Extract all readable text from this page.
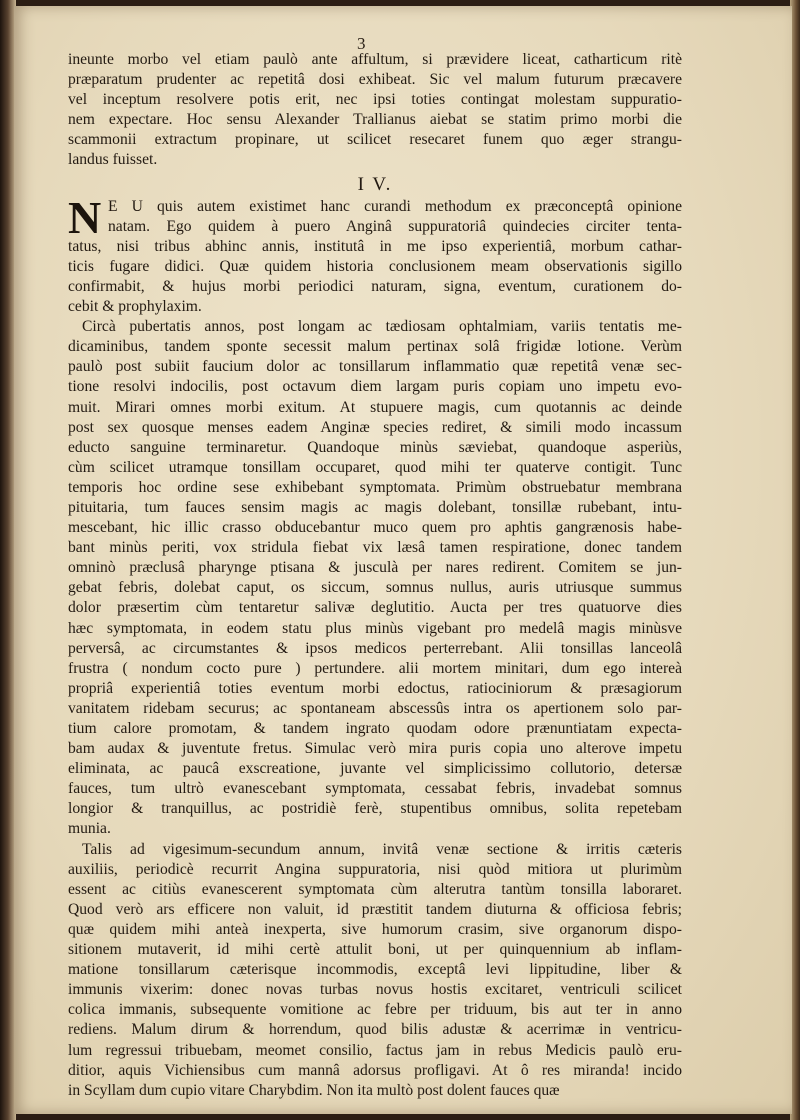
3
ineunte morbo vel etiam paulò ante affultum, si prævidere liceat, catharticum ritè
præparatum prudenter ac repetitâ dosi exhibeat. Sic vel malum futurum præcavere
vel inceptum resolvere potis erit, nec ipsi toties contingat molestam suppuratio-
nem expectare. Hoc sensu Alexander Trallianus aiebat se statim primo morbi die
scammonii extractum propinare, ut scilicet resecaret funem quo æger strangu-
landus fuisset.
I V.
N E U quis autem existimet hanc curandi methodum ex præconceptâ opinione
natam. Ego quidem à puero Anginâ suppuratoriâ quindecies circiter tenta-
tatus, nisi tribus abhinc annis, institutâ in me ipso experientiâ, morbum cathar-
ticis fugare didici. Quæ quidem historia conclusionem meam observationis sigillo
confirmabit, & hujus morbi periodici naturam, signa, eventum, curationem do-
cebit & prophylaxim.
Circà pubertatis annos, post longam ac tædiosam ophtalmiam, variis tentatis me-
dicaminibus, tandem sponte secessit malum pertinax solâ frigidæ lotione. Verùm
paulò post subiit faucium dolor ac tonsillarum inflammatio quæ repetitâ venæ sec-
tione resolvi indocilis, post octavum diem largam puris copiam uno impetu evo-
muit. Mirari omnes morbi exitum. At stupuere magis, cum quotannis ac deinde
post sex quosque menses eadem Anginæ species rediret, & simili modo incassum
educto sanguine terminaretur. Quandoque minùs sæviebat, quandoque asperiùs,
cùm scilicet utramque tonsillam occuparet, quod mihi ter quaterve contigit. Tunc
temporis hoc ordine sese exhibebant symptomata. Primùm obstruebatur membrana
pituitaria, tum fauces sensim magis ac magis dolebant, tonsillæ rubebant, intu-
mescebant, hic illic crasso obducebantur muco quem pro aphtis gangrænosis habe-
bant minùs periti, vox stridula fiebat vix læsâ tamen respiratione, donec tandem
omninò præclusâ pharynge ptisana & jusculà per nares redirent. Comitem se jun-
gebat febris, dolebat caput, os siccum, somnus nullus, auris utriusque summus
dolor præsertim cùm tentaretur salivæ deglutitio. Aucta per tres quatuorve dies
hæc symptomata, in eodem statu plus minùs vigebant pro medelâ magis minùsve
perversâ, ac circumstantes & ipsos medicos perterrebant. Alii tonsillas lanceolâ
frustra ( nondum cocto pure ) pertundere. alii mortem minitari, dum ego intereà
propriâ experientiâ toties eventum morbi edoctus, ratiociniorum & præsagiorum
vanitatem ridebam securus; ac spontaneam abscessûs intra os apertionem solo par-
tium calore promotam, & tandem ingrato quodam odore prænuntiatam expecta-
bam audax & juventute fretus. Simulac verò mira puris copia uno alterove impetu
eliminata, ac paucâ exscreatione, juvante vel simplicissimo collutorio, detersæ
fauces, tum ultrò evanescebant symptomata, cessabat febris, invadebat somnus
longior & tranquillus, ac postridiè ferè, stupentibus omnibus, solita repetebam
munia.
Talis ad vigesimum-secundum annum, invitâ venæ sectione & irritis cæteris
auxiliis, periodicè recurrit Angina suppuratoria, nisi quòd mitiora ut plurimùm
essent ac citiùs evanescerent symptomata cùm alterutra tantùm tonsilla laboraret.
Quod verò ars efficere non valuit, id præstitit tandem diuturna & officiosa febris;
quæ quidem mihi anteà inexperta, sive humorum crasim, sive organorum dispo-
sitionem mutaverit, id mihi certè attulit boni, ut per quinquennium ab inflam-
matione tonsillarum cæterisque incommodis, exceptâ levi lippitudine, liber &
immunis vixerim: donec novas turbas novus hostis excitaret, ventriculi scilicet
colica immanis, subsequente vomitione ac febre per triduum, bis aut ter in anno
rediens. Malum dirum & horrendum, quod bilis adustæ & acerrimæ in ventricu-
lum regressui tribuebam, meomet consilio, factus jam in rebus Medicis paulò eru-
ditior, aquis Vichiensibus cum mannâ adorsus profligavi. At ô res miranda! incido
in Scyllam dum cupio vitare Charybdim. Non ita multò post dolent fauces quæ
